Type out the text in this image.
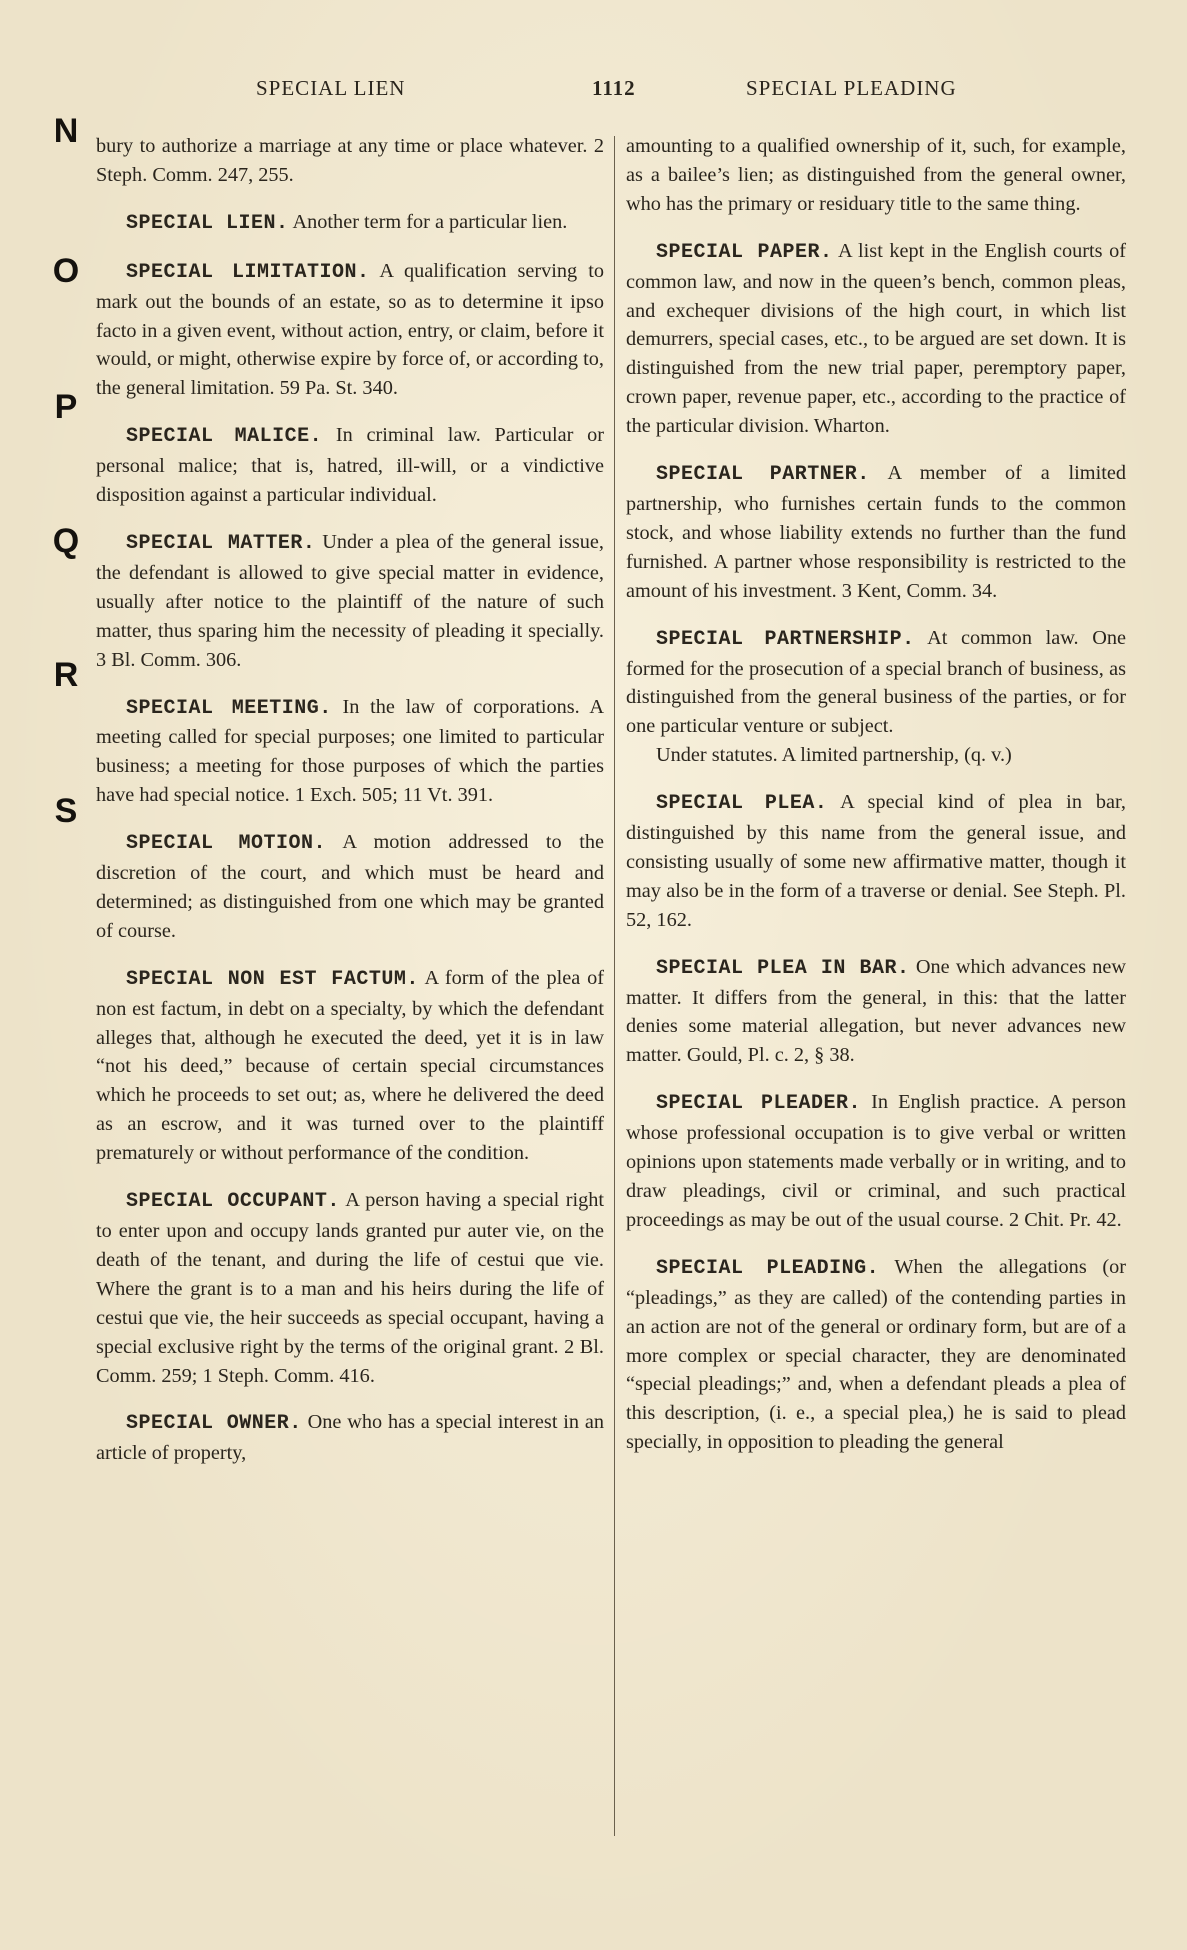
SPECIAL LIEN	1112	SPECIAL PLEADING
N
O
P
Q
R
S

bury to authorize a marriage at any time or place whatever. 2 Steph. Comm. 247, 255.

SPECIAL LIEN. Another term for a particular lien.

SPECIAL LIMITATION. A qualification serving to mark out the bounds of an estate, so as to determine it ipso facto in a given event, without action, entry, or claim, before it would, or might, otherwise expire by force of, or according to, the general limitation. 59 Pa. St. 340.

SPECIAL MALICE. In criminal law. Particular or personal malice; that is, hatred, ill-will, or a vindictive disposition against a particular individual.

SPECIAL MATTER. Under a plea of the general issue, the defendant is allowed to give special matter in evidence, usually after notice to the plaintiff of the nature of such matter, thus sparing him the necessity of pleading it specially. 3 Bl. Comm. 306.

SPECIAL MEETING. In the law of corporations. A meeting called for special purposes; one limited to particular business; a meeting for those purposes of which the parties have had special notice. 1 Exch. 505; 11 Vt. 391.

SPECIAL MOTION. A motion addressed to the discretion of the court, and which must be heard and determined; as distinguished from one which may be granted of course.

SPECIAL NON EST FACTUM. A form of the plea of non est factum, in debt on a specialty, by which the defendant alleges that, although he executed the deed, yet it is in law “not his deed,” because of certain special circumstances which he proceeds to set out; as, where he delivered the deed as an escrow, and it was turned over to the plaintiff prematurely or without performance of the condition.

SPECIAL OCCUPANT. A person having a special right to enter upon and occupy lands granted pur auter vie, on the death of the tenant, and during the life of cestui que vie. Where the grant is to a man and his heirs during the life of cestui que vie, the heir succeeds as special occupant, having a special exclusive right by the terms of the original grant. 2 Bl. Comm. 259; 1 Steph. Comm. 416.

SPECIAL OWNER. One who has a special interest in an article of property,

amounting to a qualified ownership of it, such, for example, as a bailee’s lien; as distinguished from the general owner, who has the primary or residuary title to the same thing.

SPECIAL PAPER. A list kept in the English courts of common law, and now in the queen’s bench, common pleas, and exchequer divisions of the high court, in which list demurrers, special cases, etc., to be argued are set down. It is distinguished from the new trial paper, peremptory paper, crown paper, revenue paper, etc., according to the practice of the particular division. Wharton.

SPECIAL PARTNER. A member of a limited partnership, who furnishes certain funds to the common stock, and whose liability extends no further than the fund furnished. A partner whose responsibility is restricted to the amount of his investment. 3 Kent, Comm. 34.

SPECIAL PARTNERSHIP. At common law. One formed for the prosecution of a special branch of business, as distinguished from the general business of the parties, or for one particular venture or subject.

Under statutes. A limited partnership, (q. v.)

SPECIAL PLEA. A special kind of plea in bar, distinguished by this name from the general issue, and consisting usually of some new affirmative matter, though it may also be in the form of a traverse or denial. See Steph. Pl. 52, 162.

SPECIAL PLEA IN BAR. One which advances new matter. It differs from the general, in this: that the latter denies some material allegation, but never advances new matter. Gould, Pl. c. 2, § 38.

SPECIAL PLEADER. In English practice. A person whose professional occupation is to give verbal or written opinions upon statements made verbally or in writing, and to draw pleadings, civil or criminal, and such practical proceedings as may be out of the usual course. 2 Chit. Pr. 42.

SPECIAL PLEADING. When the allegations (or “pleadings,” as they are called) of the contending parties in an action are not of the general or ordinary form, but are of a more complex or special character, they are denominated “special pleadings;” and, when a defendant pleads a plea of this description, (i. e., a special plea,) he is said to plead specially, in opposition to pleading the general
